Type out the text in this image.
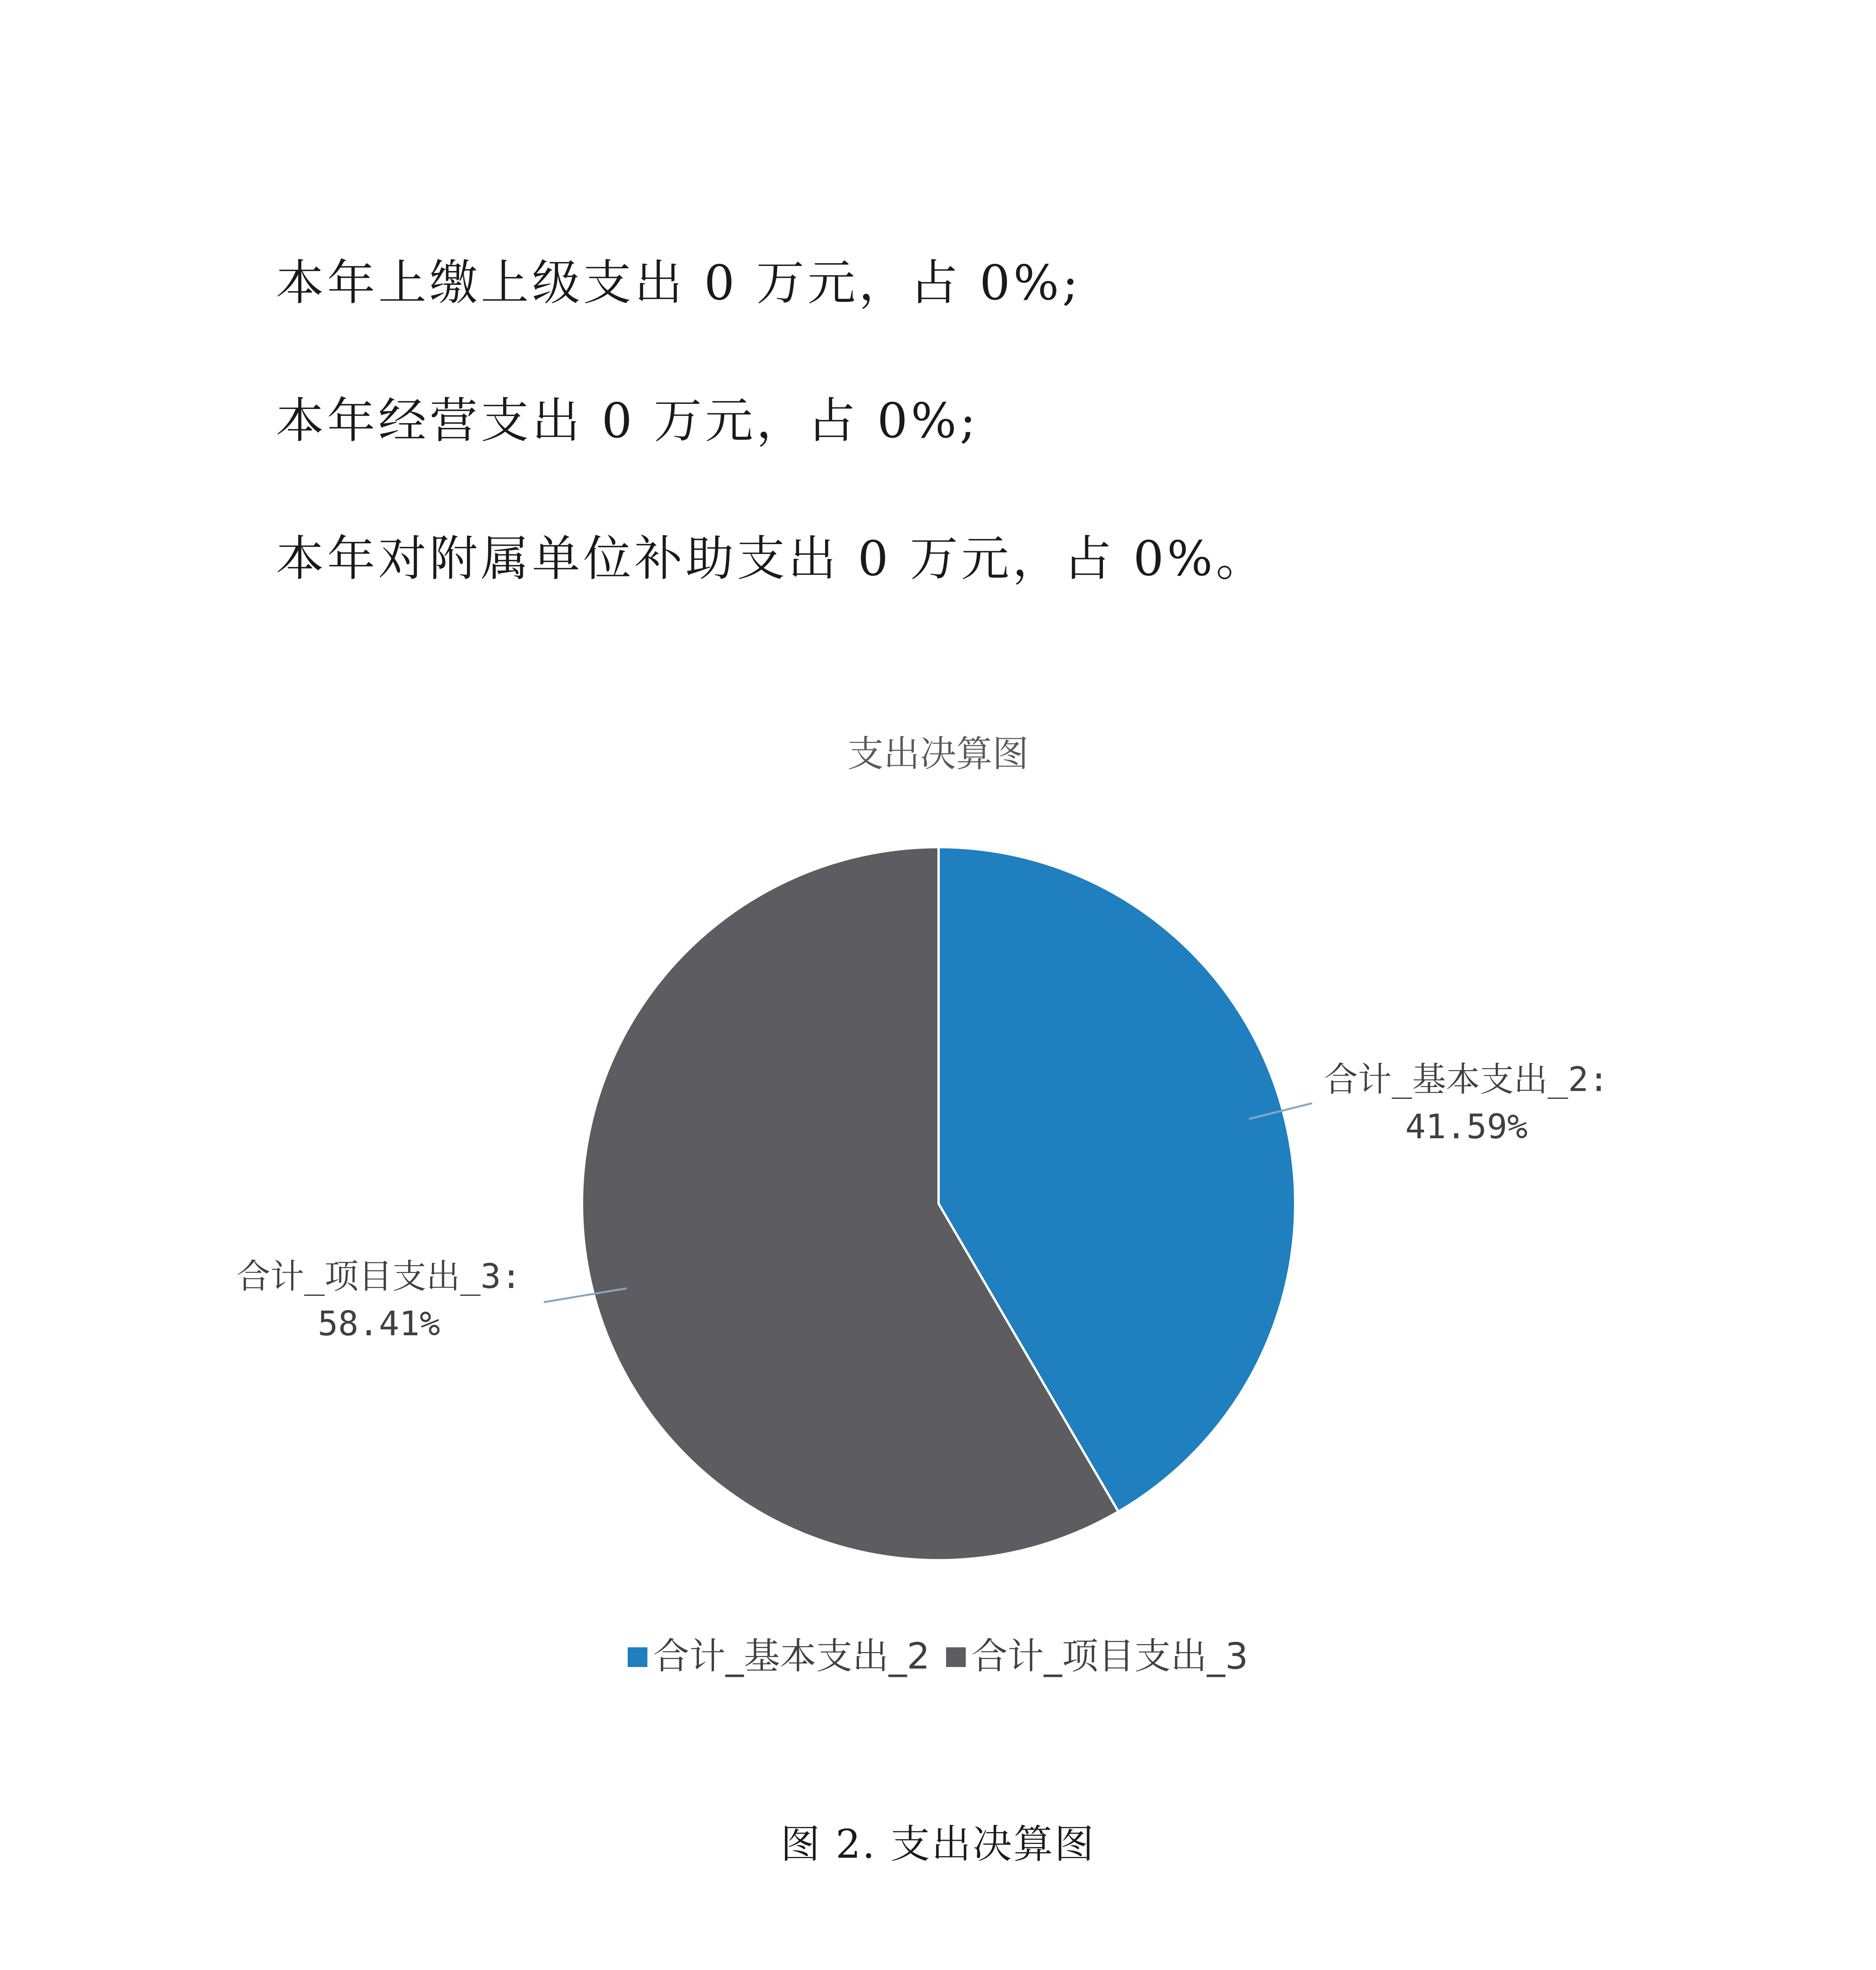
本年上缴上级支出 0 万元，占 0%;
本年经营支出 0 万元，占 0%;
本年对附属单位补助支出 0 万元，占 0%。
支出决算图
合计_基本支出_2:
41.59%
合计_项目支出_3:
58.41%
合计_基本支出_2 合计_项目支出_3
图 2. 支出决算图
